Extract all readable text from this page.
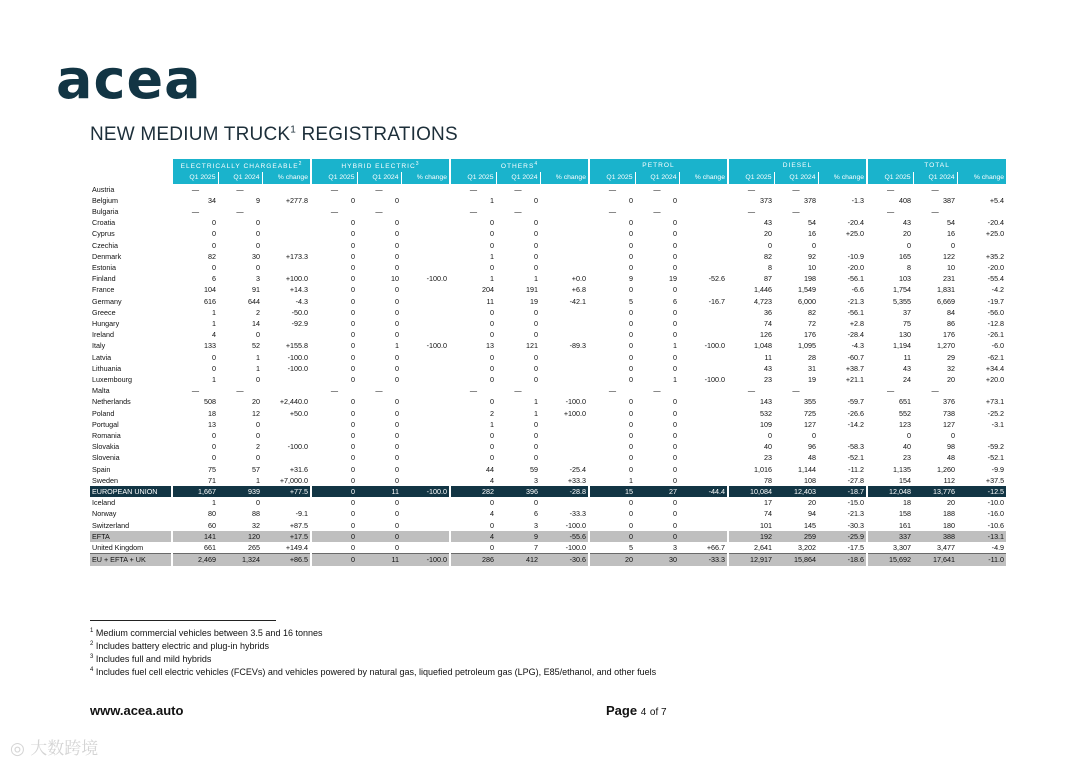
acea
NEW MEDIUM TRUCK$^1$ REGISTRATIONS
	ELECTRICALLY CHARGEABLE$^2$			HYBRID ELECTRIC$^3$			OTHERS$^4$			PETROL			DIESEL			TOTAL		
	Q1 2025	Q1 2024	% change	Q1 2025	Q1 2024	% change	Q1 2025	Q1 2024	% change	Q1 2025	Q1 2024	% change	Q1 2025	Q1 2024	% change	Q1 2025	Q1 2024	% change
Austria	—	—		—	—		—	—		—	—		—	—		—	—	
Belgium	34	9	+277.8	0	0		1	0		0	0		373	378	-1.3	408	387	+5.4
Bulgaria	—	—		—	—		—	—		—	—		—	—		—	—	
Croatia	0	0		0	0		0	0		0	0		43	54	-20.4	43	54	-20.4
Cyprus	0	0		0	0		0	0		0	0		20	16	+25.0	20	16	+25.0
Czechia	0	0		0	0		0	0		0	0		0	0		0	0	
Denmark	82	30	+173.3	0	0		1	0		0	0		82	92	-10.9	165	122	+35.2
Estonia	0	0		0	0		0	0		0	0		8	10	-20.0	8	10	-20.0
Finland	6	3	+100.0	0	10	-100.0	1	1	+0.0	9	19	-52.6	87	198	-56.1	103	231	-55.4
France	104	91	+14.3	0	0		204	191	+6.8	0	0		1,446	1,549	-6.6	1,754	1,831	-4.2
Germany	616	644	-4.3	0	0		11	19	-42.1	5	6	-16.7	4,723	6,000	-21.3	5,355	6,669	-19.7
Greece	1	2	-50.0	0	0		0	0		0	0		36	82	-56.1	37	84	-56.0
Hungary	1	14	-92.9	0	0		0	0		0	0		74	72	+2.8	75	86	-12.8
Ireland	4	0		0	0		0	0		0	0		126	176	-28.4	130	176	-26.1
Italy	133	52	+155.8	0	1	-100.0	13	121	-89.3	0	1	-100.0	1,048	1,095	-4.3	1,194	1,270	-6.0
Latvia	0	1	-100.0	0	0		0	0		0	0		11	28	-60.7	11	29	-62.1
Lithuania	0	1	-100.0	0	0		0	0		0	0		43	31	+38.7	43	32	+34.4
Luxembourg	1	0		0	0		0	0		0	1	-100.0	23	19	+21.1	24	20	+20.0
Malta	—	—		—	—		—	—		—	—		—	—		—	—	
Netherlands	508	20	+2,440.0	0	0		0	1	-100.0	0	0		143	355	-59.7	651	376	+73.1
Poland	18	12	+50.0	0	0		2	1	+100.0	0	0		532	725	-26.6	552	738	-25.2
Portugal	13	0		0	0		1	0		0	0		109	127	-14.2	123	127	-3.1
Romania	0	0		0	0		0	0		0	0		0	0		0	0	
Slovakia	0	2	-100.0	0	0		0	0		0	0		40	96	-58.3	40	98	-59.2
Slovenia	0	0		0	0		0	0		0	0		23	48	-52.1	23	48	-52.1
Spain	75	57	+31.6	0	0		44	59	-25.4	0	0		1,016	1,144	-11.2	1,135	1,260	-9.9
Sweden	71	1	+7,000.0	0	0		4	3	+33.3	1	0		78	108	-27.8	154	112	+37.5
EUROPEAN UNION	1,667	939	+77.5	0	11	-100.0	282	396	-28.8	15	27	-44.4	10,084	12,403	-18.7	12,048	13,776	-12.5
Iceland	1	0		0	0		0	0		0	0		17	20	-15.0	18	20	-10.0
Norway	80	88	-9.1	0	0		4	6	-33.3	0	0		74	94	-21.3	158	188	-16.0
Switzerland	60	32	+87.5	0	0		0	3	-100.0	0	0		101	145	-30.3	161	180	-10.6
EFTA	141	120	+17.5	0	0		4	9	-55.6	0	0		192	259	-25.9	337	388	-13.1
United Kingdom	661	265	+149.4	0	0		0	7	-100.0	5	3	+66.7	2,641	3,202	-17.5	3,307	3,477	-4.9
EU + EFTA + UK	2,469	1,324	+86.5	0	11	-100.0	286	412	-30.6	20	30	-33.3	12,917	15,864	-18.6	15,692	17,641	-11.0
$^1$ Medium commercial vehicles between 3.5 and 16 tonnes
$^2$ Includes battery electric and plug-in hybrids
$^3$ Includes full and mild hybrids
$^4$ Includes fuel cell electric vehicles (FCEVs) and vehicles powered by natural gas, liquefied petroleum gas (LPG), E85/ethanol, and other fuels
www.acea.auto	Page 4 of 7
◎ 大数跨境
